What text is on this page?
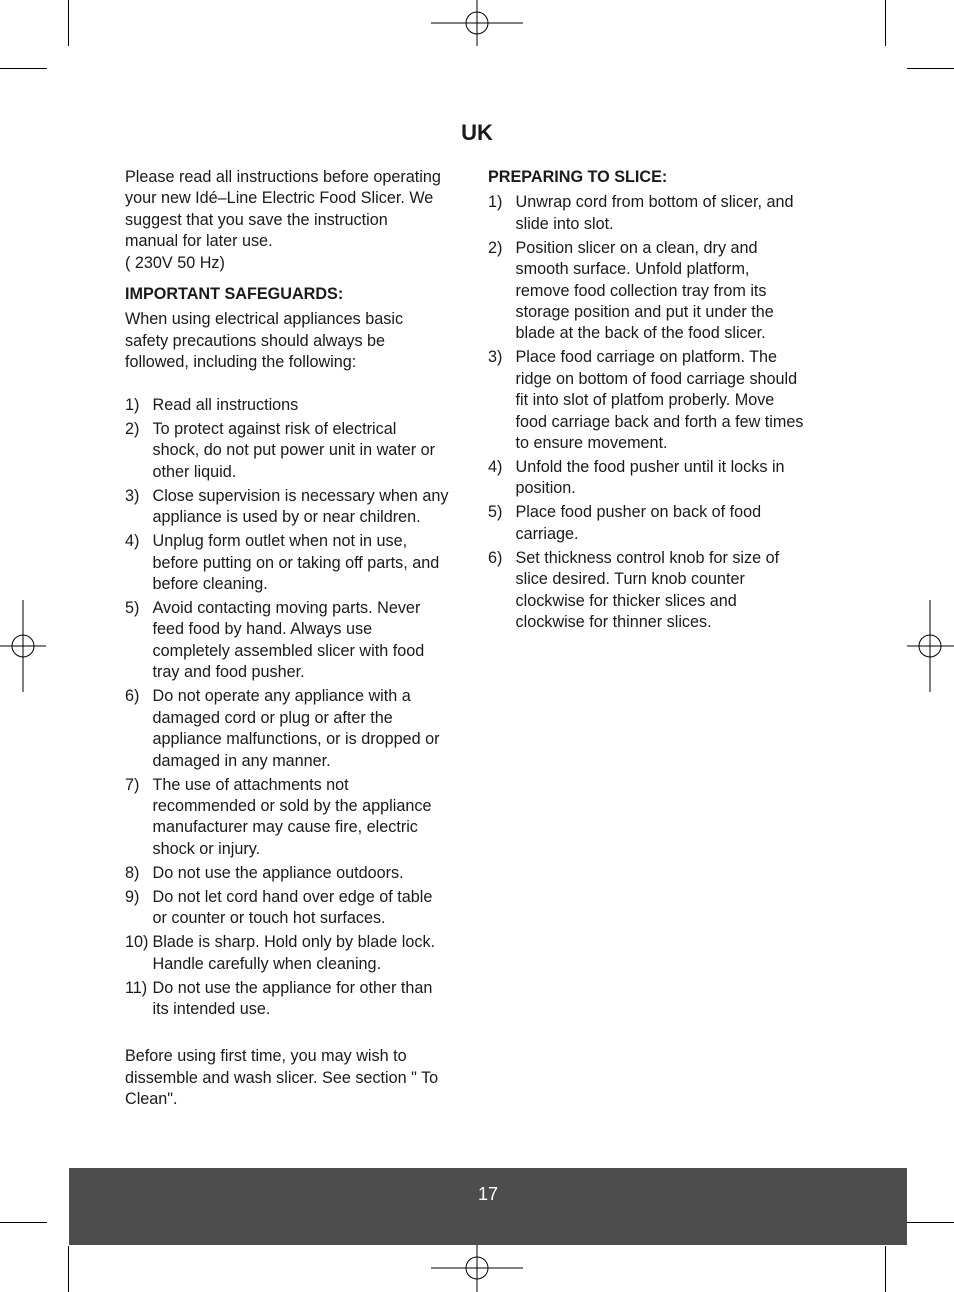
UK

Please read all instructions before operating
your new Idé–Line Electric Food Slicer. We
suggest that you save the instruction
manual for later use.
( 230V 50 Hz)

IMPORTANT SAFEGUARDS:

When using electrical appliances basic
safety precautions should always be
followed, including the following:

1) Read all instructions
2) To protect against risk of electrical
shock, do not put power unit in water or
other liquid.
3) Close supervision is necessary when any
appliance is used by or near children.
4) Unplug form outlet when not in use,
before putting on or taking off parts, and
before cleaning.
5) Avoid contacting moving parts. Never
feed food by hand. Always use
completely assembled slicer with food
tray and food pusher.
6) Do not operate any appliance with a
damaged cord or plug or after the
appliance malfunctions, or is dropped or
damaged in any manner.
7) The use of attachments not
recommended or sold by the appliance
manufacturer may cause fire, electric
shock or injury.
8) Do not use the appliance outdoors.
9) Do not let cord hand over edge of table
or counter or touch hot surfaces.
10) Blade is sharp. Hold only by blade lock.
Handle carefully when cleaning.
11) Do not use the appliance for other than
its intended use.

Before using first time, you may wish to
dissemble and wash slicer. See section " To
Clean".

PREPARING TO SLICE:

1) Unwrap cord from bottom of slicer, and
slide into slot.
2) Position slicer on a clean, dry and
smooth surface. Unfold platform,
remove food collection tray from its
storage position and put it under the
blade at the back of the food slicer.
3) Place food carriage on platform. The
ridge on bottom of food carriage should
fit into slot of platfom proberly. Move
food carriage back and forth a few times
to ensure movement.
4) Unfold the food pusher until it locks in
position.
5) Place food pusher on back of food
carriage.
6) Set thickness control knob for size of
slice desired. Turn knob counter
clockwise for thicker slices and
clockwise for thinner slices.
17
